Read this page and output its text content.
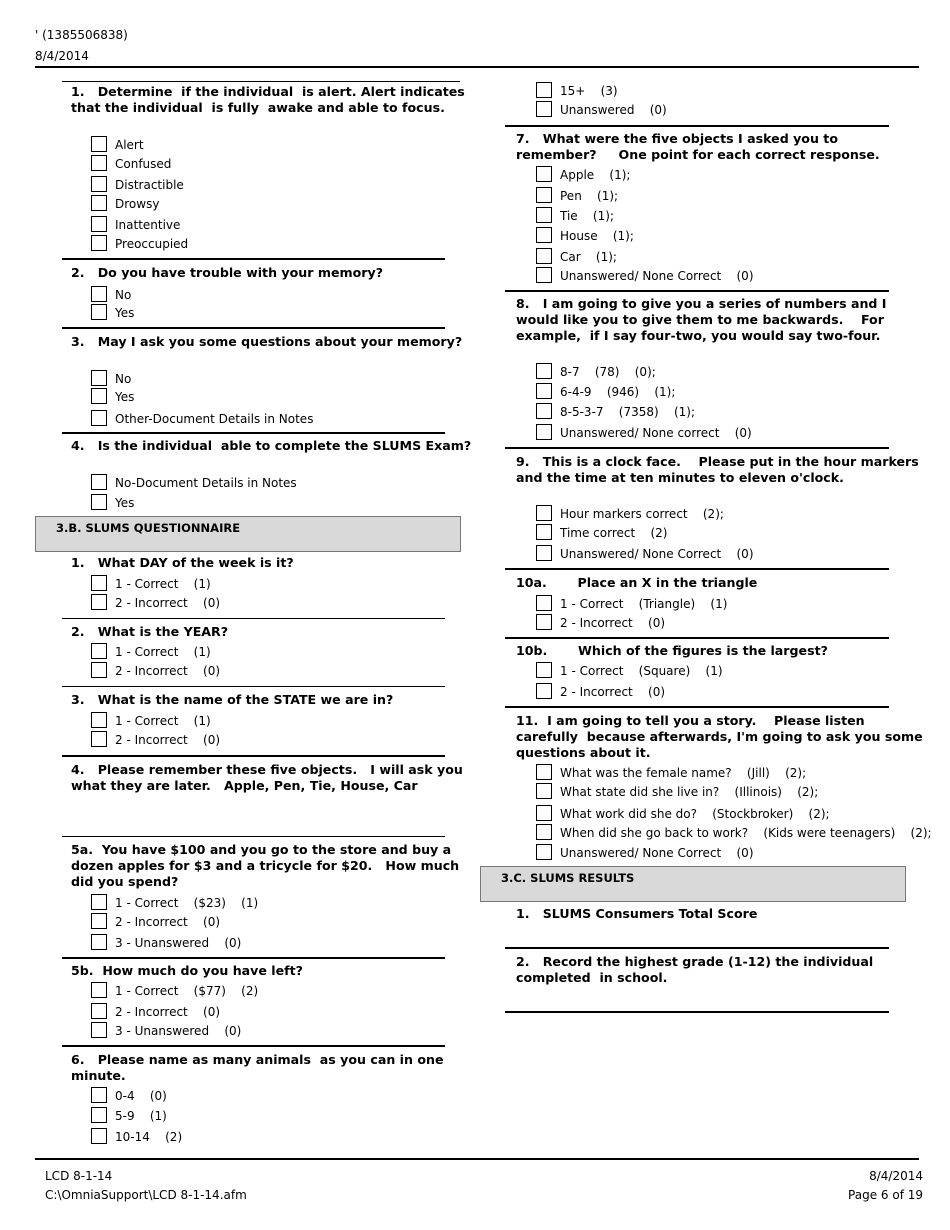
' (1385506838)
8/4/2014
1.   Determine  if the individual  is alert. Alert indicates
that the individual  is fully  awake and able to focus.
Alert
Confused
Distractible
Drowsy
Inattentive
Preoccupied
2.   Do you have trouble with your memory?
No
Yes
3.   May I ask you some questions about your memory?
No
Yes
Other-Document Details in Notes
4.   Is the individual  able to complete the SLUMS Exam?
No-Document Details in Notes
Yes
3.B. SLUMS QUESTIONNAIRE
1.   What DAY of the week is it?
1 - Correct    (1)
2 - Incorrect    (0)
2.   What is the YEAR?
1 - Correct    (1)
2 - Incorrect    (0)
3.   What is the name of the STATE we are in?
1 - Correct    (1)
2 - Incorrect    (0)
4.   Please remember these five objects.   I will ask you
what they are later.   Apple, Pen, Tie, House, Car
5a.  You have $100 and you go to the store and buy a
dozen apples for $3 and a tricycle for $20.   How much
did you spend?
1 - Correct    ($23)    (1)
2 - Incorrect    (0)
3 - Unanswered    (0)
5b.  How much do you have left?
1 - Correct    ($77)    (2)
2 - Incorrect    (0)
3 - Unanswered    (0)
6.   Please name as many animals  as you can in one
minute.
0-4    (0)
5-9    (1)
10-14    (2)
15+    (3)
Unanswered    (0)
7.   What were the five objects I asked you to
remember?     One point for each correct response.
Apple    (1);
Pen    (1);
Tie    (1);
House    (1);
Car    (1);
Unanswered/ None Correct    (0)
8.   I am going to give you a series of numbers and I
would like you to give them to me backwards.    For
example,  if I say four-two, you would say two-four.
8-7    (78)    (0);
6-4-9    (946)    (1);
8-5-3-7    (7358)    (1);
Unanswered/ None correct    (0)
9.   This is a clock face.    Please put in the hour markers
and the time at ten minutes to eleven o'clock.
Hour markers correct    (2);
Time correct    (2)
Unanswered/ None Correct    (0)
10a.       Place an X in the triangle
1 - Correct    (Triangle)    (1)
2 - Incorrect    (0)
10b.       Which of the figures is the largest?
1 - Correct    (Square)    (1)
2 - Incorrect    (0)
11.  I am going to tell you a story.    Please listen
carefully  because afterwards, I'm going to ask you some
questions about it.
What was the female name?    (Jill)    (2);
What state did she live in?    (Illinois)    (2);
What work did she do?    (Stockbroker)    (2);
When did she go back to work?    (Kids were teenagers)    (2);
Unanswered/ None Correct    (0)
3.C. SLUMS RESULTS
1.   SLUMS Consumers Total Score
2.   Record the highest grade (1-12) the individual
completed  in school.
LCD 8-1-14
C:\OmniaSupport\LCD 8-1-14.afm
8/4/2014
Page 6 of 19
